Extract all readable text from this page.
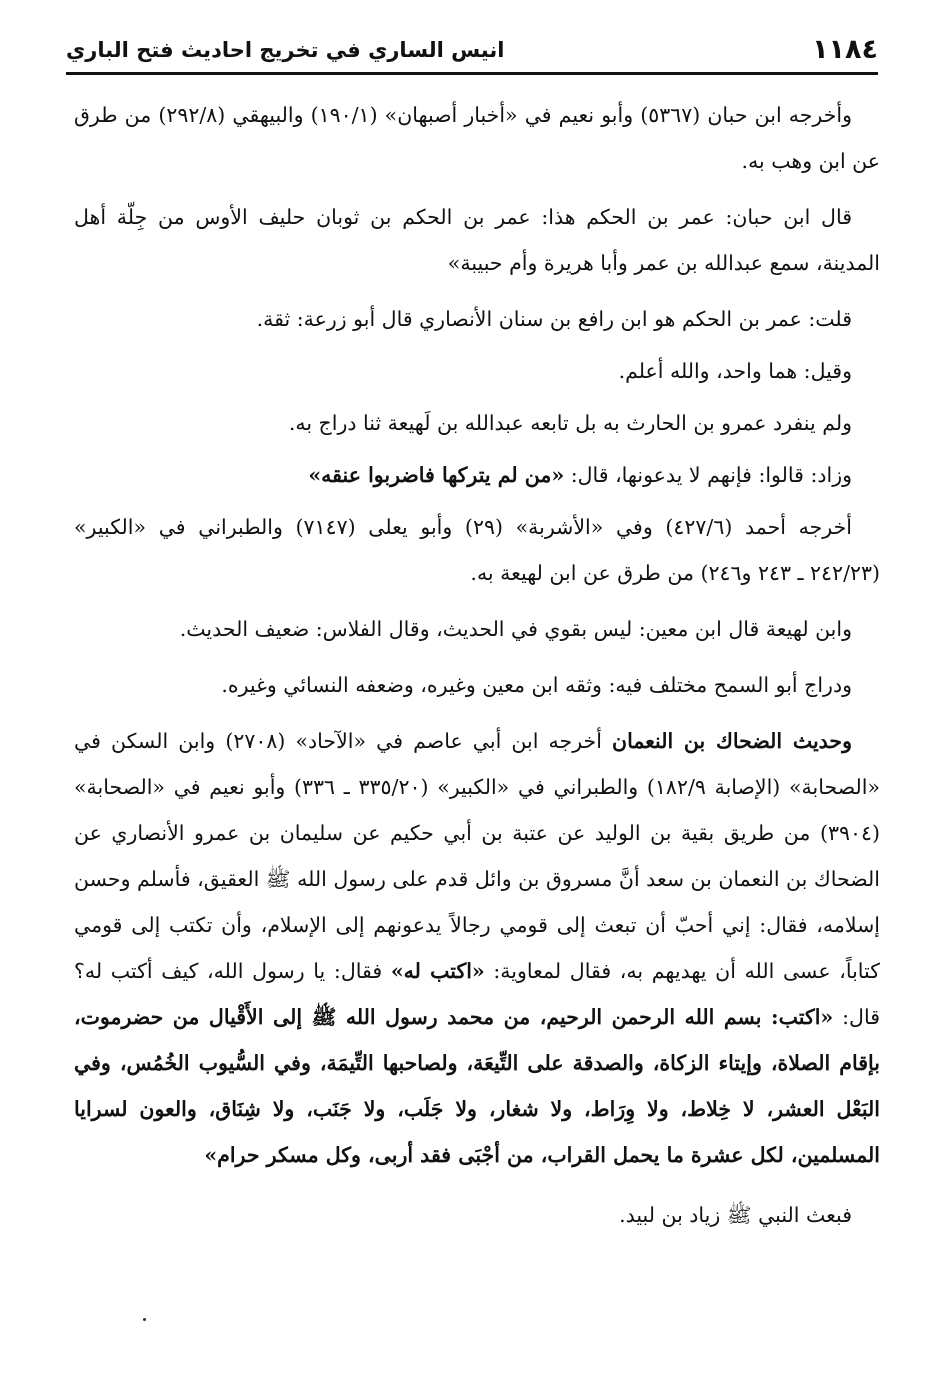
١١٨٤
انيس الساري في تخريج احاديث فتح الباري

وأخرجه ابن حبان (٥٣٦٧) وأبو نعيم في «أخبار أصبهان» (١٩٠/١) والبيهقي (٢٩٢/٨) من طرق عن ابن وهب به.

قال ابن حبان: عمر بن الحكم هذا: عمر بن الحكم بن ثوبان حليف الأوس من جِلّة أهل المدينة، سمع عبدالله بن عمر وأبا هريرة وأم حبيبة»

قلت: عمر بن الحكم هو ابن رافع بن سنان الأنصاري قال أبو زرعة: ثقة.

وقيل: هما واحد، والله أعلم.

ولم ينفرد عمرو بن الحارث به بل تابعه عبدالله بن لَهيعة ثنا دراج به.

وزاد: قالوا: فإنهم لا يدعونها، قال: «من لم يتركها فاضربوا عنقه»

أخرجه أحمد (٤٢٧/٦) وفي «الأشربة» (٢٩) وأبو يعلى (٧١٤٧) والطبراني في «الكبير» (٢٤٢/٢٣ ـ ٢٤٣ و٢٤٦) من طرق عن ابن لهيعة به.

وابن لهيعة قال ابن معين: ليس بقوي في الحديث، وقال الفلاس: ضعيف الحديث.

ودراج أبو السمح مختلف فيه: وثقه ابن معين وغيره، وضعفه النسائي وغيره.

وحديث الضحاك بن النعمان أخرجه ابن أبي عاصم في «الآحاد» (٢٧٠٨) وابن السكن في «الصحابة» (الإصابة ١٨٢/٩) والطبراني في «الكبير» (٣٣٥/٢٠ ـ ٣٣٦) وأبو نعيم في «الصحابة» (٣٩٠٤) من طريق بقية بن الوليد عن عتبة بن أبي حكيم عن سليمان بن عمرو الأنصاري عن الضحاك بن النعمان بن سعد أنَّ مسروق بن وائل قدم على رسول الله ﷺ العقيق، فأسلم وحسن إسلامه، فقال: إني أحبّ أن تبعث إلى قومي رجالاً يدعونهم إلى الإسلام، وأن تكتب إلى قومي كتاباً، عسى الله أن يهديهم به، فقال لمعاوية: «اكتب له» فقال: يا رسول الله، كيف أكتب له؟ قال: «اكتب: بسم الله الرحمن الرحيم، من محمد رسول الله ﷺ إلى الأَقْيال من حضرموت، بإقام الصلاة، وإيتاء الزكاة، والصدقة على التِّيعَة، ولصاحبها التِّيمَة، وفي السُّيوب الخُمُس، وفي البَعْل العشر، لا خِلاط، ولا وِرَاط، ولا شغار، ولا جَلَب، ولا جَنَب، ولا شِنَاق، والعون لسرايا المسلمين، لكل عشرة ما يحمل القراب، من أجْبَى فقد أربى، وكل مسكر حرام»

فبعث النبي ﷺ زياد بن لبيد.
